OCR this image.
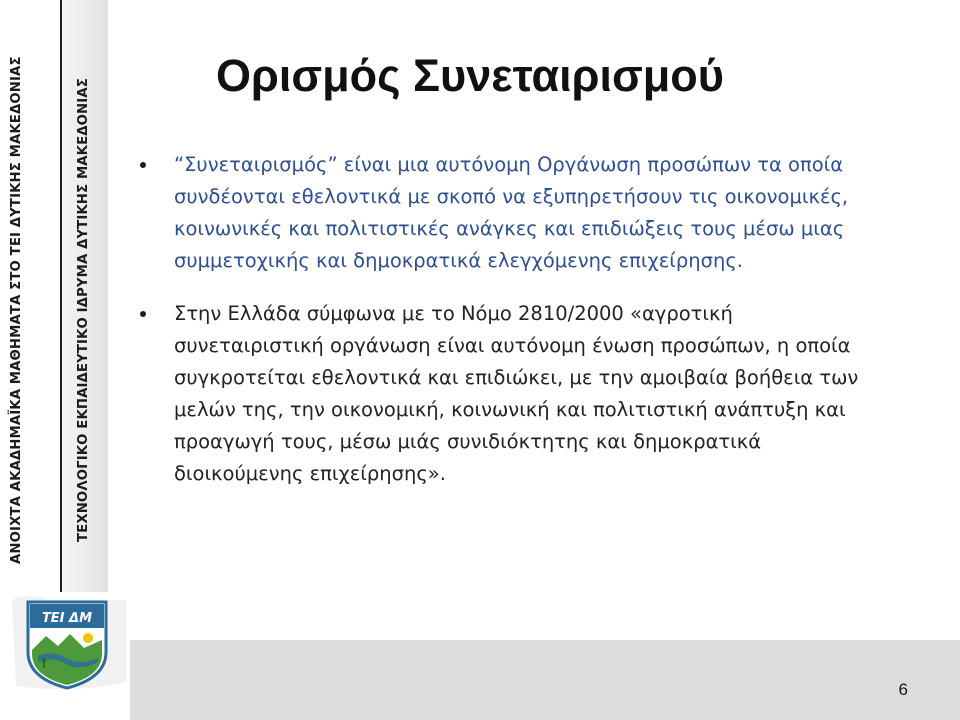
ΑΝΟΙΧΤΑ ΑΚΑΔΗΜΑΪΚΑ ΜΑΘΗΜΑΤΑ ΣΤΟ ΤΕΙ ΔΥΤΙΚΗΣ ΜΑΚΕΔΟΝΙΑΣ	ΤΕΧΝΟΛΟΓΙΚΟ ΕΚΠΑΙΔΕΥΤΙΚΟ ΙΔΡΥΜΑ ΔΥΤΙΚΗΣ ΜΑΚΕΔΟΝΙΑΣ
ΤΕΙ ΔΜ
6
Ορισμός Συνεταιρισμού
“Συνεταιρισμός” είναι μια αυτόνομη Οργάνωση προσώπων τα οποία
συνδέονται εθελοντικά με σκοπό να εξυπηρετήσουν τις οικονομικές,
κοινωνικές και πολιτιστικές ανάγκες και επιδιώξεις τους μέσω μιας
συμμετοχικής και δημοκρατικά ελεγχόμενης επιχείρησης.
Στην Ελλάδα σύμφωνα με το Νόμο 2810/2000 «αγροτική
συνεταιριστική οργάνωση είναι αυτόνομη ένωση προσώπων, η οποία
συγκροτείται εθελοντικά και επιδιώκει, με την αμοιβαία βοήθεια των
μελών της, την οικονομική, κοινωνική και πολιτιστική ανάπτυξη και
προαγωγή τους, μέσω μιάς συνιδιόκτητης και δημοκρατικά
διοικούμενης επιχείρησης».
